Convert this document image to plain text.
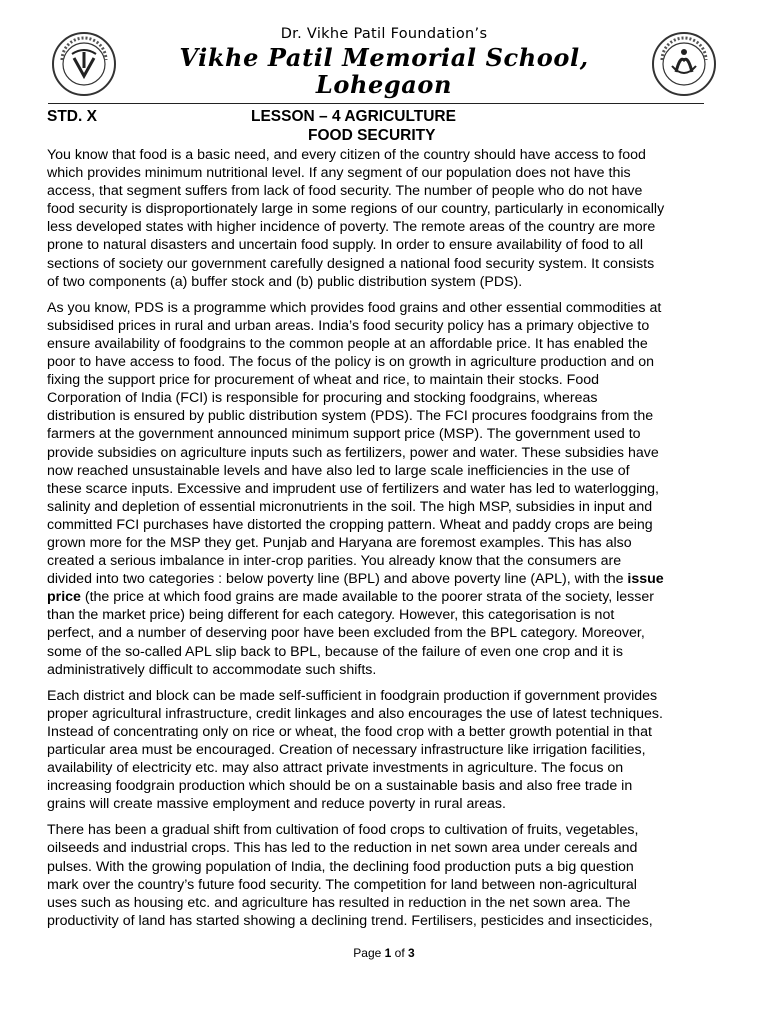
Dr. Vikhe Patil Foundation’s
Vikhe Patil Memorial School,
Lohegaon
STD. X	LESSON – 4 AGRICULTURE
FOOD SECURITY

You know that food is a basic need, and every citizen of the country should have access to food
which provides minimum nutritional level. If any segment of our population does not have this
access, that segment suffers from lack of food security. The number of people who do not have
food security is disproportionately large in some regions of our country, particularly in economically
less developed states with higher incidence of poverty. The remote areas of the country are more
prone to natural disasters and uncertain food supply. In order to ensure availability of food to all
sections of society our government carefully designed a national food security system. It consists
of two components (a) buffer stock and (b) public distribution system (PDS).

As you know, PDS is a programme which provides food grains and other essential commodities at
subsidised prices in rural and urban areas. India’s food security policy has a primary objective to
ensure availability of foodgrains to the common people at an affordable price. It has enabled the
poor to have access to food. The focus of the policy is on growth in agriculture production and on
fixing the support price for procurement of wheat and rice, to maintain their stocks. Food
Corporation of India (FCI) is responsible for procuring and stocking foodgrains, whereas
distribution is ensured by public distribution system (PDS). The FCI procures foodgrains from the
farmers at the government announced minimum support price (MSP). The government used to
provide subsidies on agriculture inputs such as fertilizers, power and water. These subsidies have
now reached unsustainable levels and have also led to large scale inefficiencies in the use of
these scarce inputs. Excessive and imprudent use of fertilizers and water has led to waterlogging,
salinity and depletion of essential micronutrients in the soil. The high MSP, subsidies in input and
committed FCI purchases have distorted the cropping pattern. Wheat and paddy crops are being
grown more for the MSP they get. Punjab and Haryana are foremost examples. This has also
created a serious imbalance in inter-crop parities. You already know that the consumers are
divided into two categories : below poverty line (BPL) and above poverty line (APL), with the issue
price (the price at which food grains are made available to the poorer strata of the society, lesser
than the market price) being different for each category. However, this categorisation is not
perfect, and a number of deserving poor have been excluded from the BPL category. Moreover,
some of the so-called APL slip back to BPL, because of the failure of even one crop and it is
administratively difficult to accommodate such shifts.

Each district and block can be made self-sufficient in foodgrain production if government provides
proper agricultural infrastructure, credit linkages and also encourages the use of latest techniques.
Instead of concentrating only on rice or wheat, the food crop with a better growth potential in that
particular area must be encouraged. Creation of necessary infrastructure like irrigation facilities,
availability of electricity etc. may also attract private investments in agriculture. The focus on
increasing foodgrain production which should be on a sustainable basis and also free trade in
grains will create massive employment and reduce poverty in rural areas.

There has been a gradual shift from cultivation of food crops to cultivation of fruits, vegetables,
oilseeds and industrial crops. This has led to the reduction in net sown area under cereals and
pulses. With the growing population of India, the declining food production puts a big question
mark over the country’s future food security. The competition for land between non-agricultural
uses such as housing etc. and agriculture has resulted in reduction in the net sown area. The
productivity of land has started showing a declining trend. Fertilisers, pesticides and insecticides,

Page 1 of 3
